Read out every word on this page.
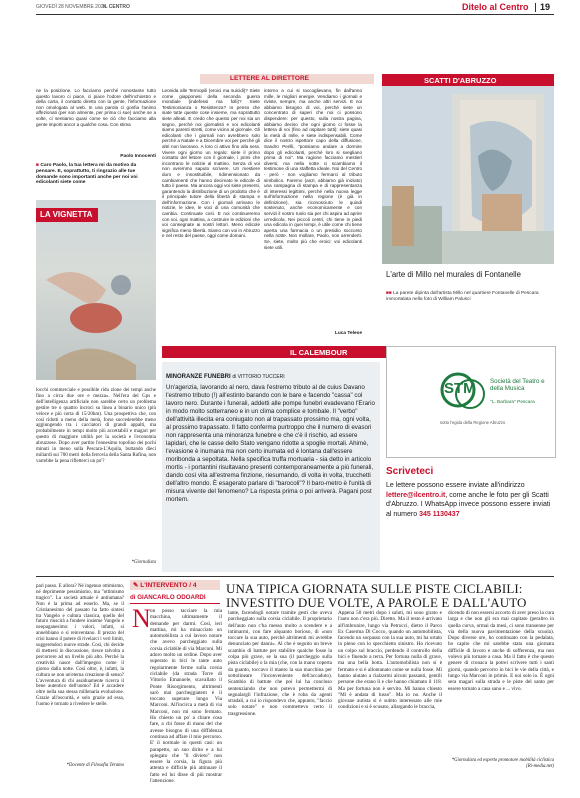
GIOVEDÌ 28 NOVEMBRE 2024
IL CENTRO	Ditelo al Centro 19
LETTERE AL DIRETTORE
ne la posizione. Lo facciamo perché nonostante tutto questo lavoro ci piace, ci piace l'odore dell'inchiostro e della carta, il contatto diretto con la gente, l'informazione non omologata al web. In una parola ci gonfia l'animo affezionati (per son almente, per prima ci sue) anche se a volte, ci sentiamo quasi come se ciò che facciamo alla gente importi ancor a qualche cosa. Con stima
Paolo Innocenti
■ Caro Paolo, la tua lettera mi da motivo da pensare. E, soprattutto, ti ringrazio alle tue domande sono importanti anche per noi voi edicolanti siete come
LA VIGNETTA
Leonida alle Termopili (eroici ma suicidi)? Siete come giapponesi della seconda guerra mondiale (indefessi ma folli)? Siete Testimonianza o Resistenza? Io penso che siate tutte queste cose insieme, ma soprattutto siete alleati. E credo che questo per noi sia un segno, perché noi giornalisti e voi edicolanti siamo parenti stretti, come vicino al giornale. Gli edicolanti che i giornali non avrebbero solo perché a Natale e a Dicembre voi per perché gli altri non lavorano. A loro ci attivo fino alla sera. Vivere ogni giorno un regalo: siete il primo contatto del lettore con il giornale, i primi che incontrano le notizie al mattino. Senza di voi non avremmo saputo scrivere. Un mestiere duro e insostituibile, ridimensionato da cambiamenti che hanno decimato le edicole di tutto il paese. Ma ancora oggi voi siete presenti, garantendo la distribuzione di un prodotto che è il principale tutore della libertà di stampa e dell'informazione. Con i giornali arrivano le notizie, le idee, le voci di una comunità che cambia. Continuate così. E noi continueremo con voi, ogni mattina, a costruire le edizioni che voi consegnate ai nostri lettori. Meno edicole significa meno libertà. Siamo con voi in Abruzzo e nel resto del paese, oggi come domani.
intorno a cui si raccoglievano, fin dall'anno mille, le migliori energie. Vendiamo i giornali e riviste, sempre, ma anche altri servizi. E noi abbiamo bisogno di voi, perché siete un concentrato di saperi che noi ci possono dispendere: per questo, sulla nostra pagina, abbiamo deciso che ogni giorno ci fosse la lettera di voi (fino ad ospitare tutti): siete quasi la metà di mille, e siete indispensabili. Come dice il nostro ispettore capo della diffusione, Sandro Perilli, "possiamo andare a dormire dopo gli edicolanti, perché loro si svegliano prima di noi". Ma ragione facciamo mestieri diversi, ma nella notte ci scambiamo il testimone di una staffetta ideale. Noi del Centro - però - non vogliamo fermarci al tributo simbolico. Faremo (anzi, abbiamo già iniziato) una campagna di stampa e di rappresentanza di interessi legittimi, perché nella nuova legge sull'informazione nella regione (è già in definizione), sia riconosciuto le quindi sostenuto, anche economicamente e con servizi il vostro ruolo sia per chi aspira ad aprire un'edicola. Nei piccoli centri, chi tiene in piedi una edicola in quei tempi, è utile come chi tiene aperta una farmacia o un presidio soccorso nella notte. Non mollare, Paolo, non arrenderti. Se, siete, molto più che eroici: voi edicolanti siete utili.
Luca Telese
SCATTI D'ABRUZZO
L'arte di Millo nel murales di Fontanelle
■■ La parete dipinta dall'artista Millo nel quartiere Fontanelle di Pescara immortalata nella foto di William Palusci
IL CALEMBOUR
locchi commerciale e possibile ridu zione dei tempi anche fino a circa due ore e mezza». Nell'era del Gps e dell'intelligenza artificiale non sarebbe certo un problema gestire tre o quattro incroci su linea a binario unico (più veloce e più corta di 15/20km). Una prospettiva che, con così ridotti a meno della metà, forse succederebbe meno aggiungendo tra i cacciatori di grandi appalti, ma probabilmente in tempi molto più accettabili e magari per questo di maggiore utilità per la società e l'economia abruzzese. Dopo aver partito l'ennesimo topolino dei pochi minuti in meno sulla Pescara-L'Aquila, buttando dieci miliardi sui 700 metri della ferrovia della Santa Rufina, non varrebbe la pena rifletterci un po'?
*Giornalista
MINORANZE FUNEBRI di VITTORIO TUCCERI
Un'agenzia, lavorando al nero, dava l'estremo tributo al de cuius Davano l'estremo tributo (!) all'estinto barando con le bare e facendo "cassa" col lavoro nero. Durante i funerali, addetti alle pompe funebri evadevano l'Erario in modo molto sotterraneo e in un clima complice e tombale. Il "verbo" dell'attività illecita era coniugato non al trapassato prossimo ma, ogni volta, al prossimo trapassato. Il fatto conferma purtroppo che il numero di evasori non rappresenta una minoranza funebre e che c'è il rischio, ad essere lapidari, che le casse dello Stato vengano ridotte a spoglie mortali. Ahimè, l'evasione è inumana ma non certo inumata ed è lontana dall'essere moribonda a sepoltata. Nella specifica truffa mortuaria - sia detto in articolo mortis - i portantini risultavano presenti contemporaneamente a più funerali, dando così vita all'estrema finzione, riesumando, di volta in volta, trucchetti dell'altro mondo. È esagerato parlare di "barocoli"? Il baro-metro è l'unità di misura vivente del fenomeno? La risposta prima o poi arriverà. Pagani post mortem.
STM Società del Teatro e della Musica
"L. Barbara" Pescara
sotto l'egida della Regione Abruzzo
Scriveteci
Le lettere possono essere inviate all'indirizzo lettere@ilcentro.it, come anche le foto per gli Scatti d'Abruzzo. I WhatsApp invece possono essere inviati al numero 345 1130437
parì passo. E allora? Né ingenuo ottimismo, né deprimente pessimismo, ma "ottimismo tragico". La società attuale è antiumana? Non è la prima ad esserlo. Ma, se il Cristianesimo del passato ha fatto sintesi tra Vangelo e cultura classica, quello del futuro riuscirà a fondere insieme Vangelo e neopaganesimo: i valori, infatti, si annebbiano o si reinventano. Il prezzo del crisi hanno il potere di rivelarci i veri limiti, suggerendoci nuove strade. Così, chi decide di mettersi in discussione, riesce talvolta a percorrere ad un livello più alto. Perché la creatività nasce dall'impegno come il giorno dalla notte. Così oltre, è, infatti, la cultura se non un'eterna creazione di senso? L'avventura di chi assiduamente ricerca il bene autentico dell'uomo? Ed è accadere oltre nella sua stessa millenaria evoluzione. Grazie all'oscurità, e solo grazie ad essa, l'uomo è tornato a rivedere le stelle.
*Docente di Filosofia Teramo
✎ L'INTERVENTO / 4
di GIANCARLO ODOARDI
UNA TIPICA GIORNATA SULLE PISTE CICLABILI: INVESTITO DUE VOLTE, A PAROLE E DALL'AUTO
N on posso tacciare la mia macchina, ultimamente il demande per darmi. Così, ieri mattina, mi ha minacciato un automobilista a cui lavoro notare che avevo parcheggiato sulla corsia ciclabile di via Marconi. Mi adoro molto un ordine. Dopo aver superato in bici le tante auto regolarmente ferme sulla corsia ciclabile (da strada Torre di Vittorio Emanuele, scavallato il Ponte Risorgimento, altrimenti sarò mai parcheggiatem è il toccato superare lungo Via Marconi. All'incirca a metà di via Marconi, non mi sono fermato. Ho chiesto un po' a chiare cosa fare, a chi fosse di mano del che avesse bisogno di una diffidenza continua ad affare il mio percorso. E' il normale in questi casi: un parapetto, un suo dirito e a lui spiegato che "il divieto" non essere la corsia, la figura più attenta e difficile più attinuare il fatto ed lui disse di più mostrar l'attenzione.
lante, facendogli notare tramite gesti che aveva parcheggiato sulla corsia ciclabile. Il proprietario dell'auto non c'ha messo molto a scendere e a intimarmi, con fare alquanto borioso, di «non toccare la sua auto, perché altrimenti mi avrebbe denunciato per danni». Al che è seguito un breve scambio di battute per stabilire qualche fosse la colpa più grave, se la sua (il parcheggio sulla pista ciclabile) o la mia (che, con la mano coperta da guanto, toccavo il manto la sua macchina per sottolineare l'inconveniente dell'accaduto). Scambio di battute che poi lui ha concluso sentenziando che non potevo permettermi di segnalargli l'infrazione, che è roba da agenti stradali, a cui io rispondevo che, appunto, "faccio solo notare" e non commettevo certo il trasgressione.
Appena 50 metri dopo i saluti, mi sono girato e l'auto non c'era più. Diretto. Ma il resto è arrivato all'imbrunire, lungo via Petrucci, dietro il Parco Ex Caserma Di Cocco, quando un automobilista, facendo un sorpasso con la sua auto, mi ha urtato in pieno con lo specchietto sinistro. Ho ricevuto un colpo sul braccio, perdendo il controllo della bici e finendo a terra. Per fortuna nulla di grave, ma una bella botta. L'automobilista non si è fermato e si è allontanato come se nulla fosse. Mi hanno aiutato a rialzarmi alcuni passanti, gentili persone che erano lì e che hanno chiamato il 118. Ma per fortuna non è servito. Mi hanno chiesto "Mi è andata di lusso". Ma io no. Anche il giovane autista si è subito interessato alle mie condizioni e si è scusato, allargando le braccia,
dicendo di non essersi accorto di aver preso la cura larga e che non gli era mai capitato (peraltro in quella curva, ormai da mesi, ci sono transenne per via della nuova pavimentazione della scuola). Dopo diverse ore, ho continuato con la pedalata, ho capito che mi sarebbe stata una giornata difficile di lavoro e anche di sofferenza, ma non volevo più tornare a casa. Ma il fatto è che questo genere di cronaca la potrei scrivere tutti i santi giorni, quando percorro in bici le vie della città, e lungo via Marconi in primis. E noi solo io. È ogni sera magari sulla strada e le piste del santo per essere tornato a casa sano e ... vivo.
*Giornalista ed esperto promotore mobilità ciclistica (Ri-media.net)
